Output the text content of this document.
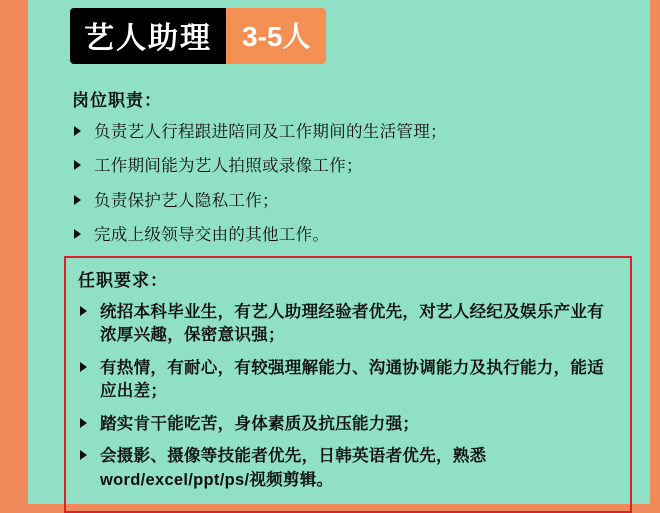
艺人助理	3-5人
岗位职责：
负责艺人行程跟进陪同及工作期间的生活管理；
工作期间能为艺人拍照或录像工作；
负责保护艺人隐私工作；
完成上级领导交由的其他工作。
任职要求：
统招本科毕业生，有艺人助理经验者优先，对艺人经纪及娱乐产业有浓厚兴趣，保密意识强；
有热情，有耐心，有较强理解能力、沟通协调能力及执行能力，能适应出差；
踏实肯干能吃苦，身体素质及抗压能力强；
会摄影、摄像等技能者优先，日韩英语者优先，熟悉word/excel/ppt/ps/视频剪辑。
